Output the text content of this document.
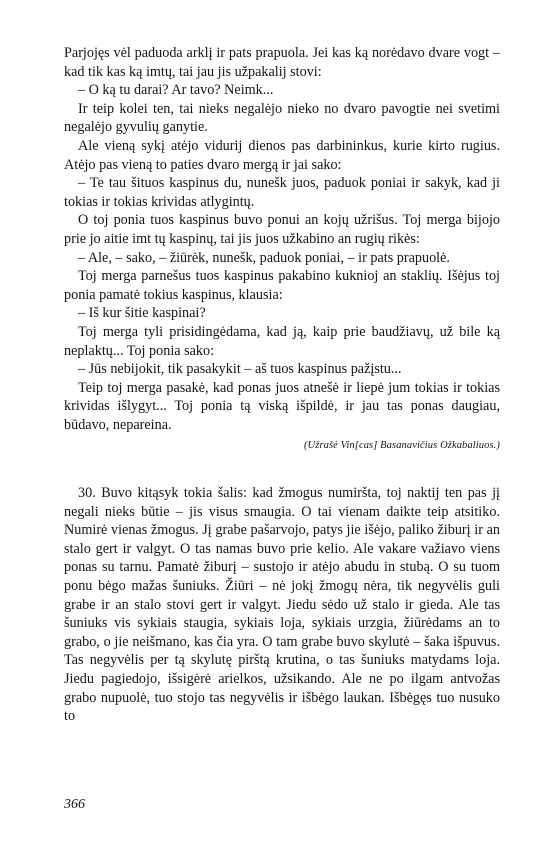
Parjojęs vėl paduoda arklį ir pats prapuola. Jei kas ką norėdavo dvare vogt – kad tik kas ką imtų, tai jau jis užpakalij stovi:

– O ką tu darai? Ar tavo? Neimk...

Ir teip kolei ten, tai nieks negalėjo nieko no dvaro pavogtie nei svetimi negalėjo gyvulių ganytie.

Ale vieną sykį atėjo vidurij dienos pas darbininkus, kurie kirto rugius. Atėjo pas vieną to paties dvaro mergą ir jai sako:

– Te tau šituos kaspinus du, nunešk juos, paduok poniai ir sakyk, kad ji tokias ir tokias krividas atlygintų.

O toj ponia tuos kaspinus buvo ponui an kojų užrišus. Toj merga bijojo prie jo aitie imt tų kaspinų, tai jis juos užkabino an rugių rikės:

– Ale, – sako, – žiūrėk, nunešk, paduok poniai, – ir pats prapuolė.

Toj merga parnešus tuos kaspinus pakabino kuknioj an staklių. Išėjus toj ponia pamatė tokius kaspinus, klausia:

– Iš kur šitie kaspinai?

Toj merga tyli prisidingėdama, kad ją, kaip prie baudžiavų, už bile ką neplaktų... Toj ponia sako:

– Jūs nebijokit, tik pasakykit – aš tuos kaspinus pažįstu...

Teip toj merga pasakė, kad ponas juos atnešė ir liepė jum tokias ir tokias krividas išlygyt... Toj ponia tą viską išpildė, ir jau tas ponas daugiau, būdavo, nepareina.

(Užrašė Vin[cas] Basanavičius Ožkabaliuos.)

30. Buvo kitąsyk tokia šalis: kad žmogus numiršta, toj naktij ten pas jį negali nieks būtie – jis visus smaugia. O tai vienam daikte teip atsitiko. Numirė vienas žmogus. Jį grabe pašarvojo, patys jie išėjo, paliko žiburį ir an stalo gert ir valgyt. O tas namas buvo prie kelio. Ale vakare važiavo viens ponas su tarnu. Pamatė žiburį – sustojo ir atėjo abudu in stubą. O su tuom ponu bėgo mažas šuniuks. Žiūri – nė jokį žmogų nėra, tik negyvėlis guli grabe ir an stalo stovi gert ir valgyt. Jiedu sėdo už stalo ir gieda. Ale tas šuniuks vis sykiais staugia, sykiais loja, sykiais urzgia, žiūrėdams an to grabo, o jie neišmano, kas čia yra. O tam grabe buvo skylutė – šaka išpuvus. Tas negyvėlis per tą skylutę pirštą krutina, o tas šuniuks matydams loja. Jiedu pagiedojo, išsigėrė arielkos, užsikando. Ale ne po ilgam antvožas grabo nupuolė, tuo stojo tas negyvėlis ir išbėgo laukan. Išbėgęs tuo nusuko to

366
